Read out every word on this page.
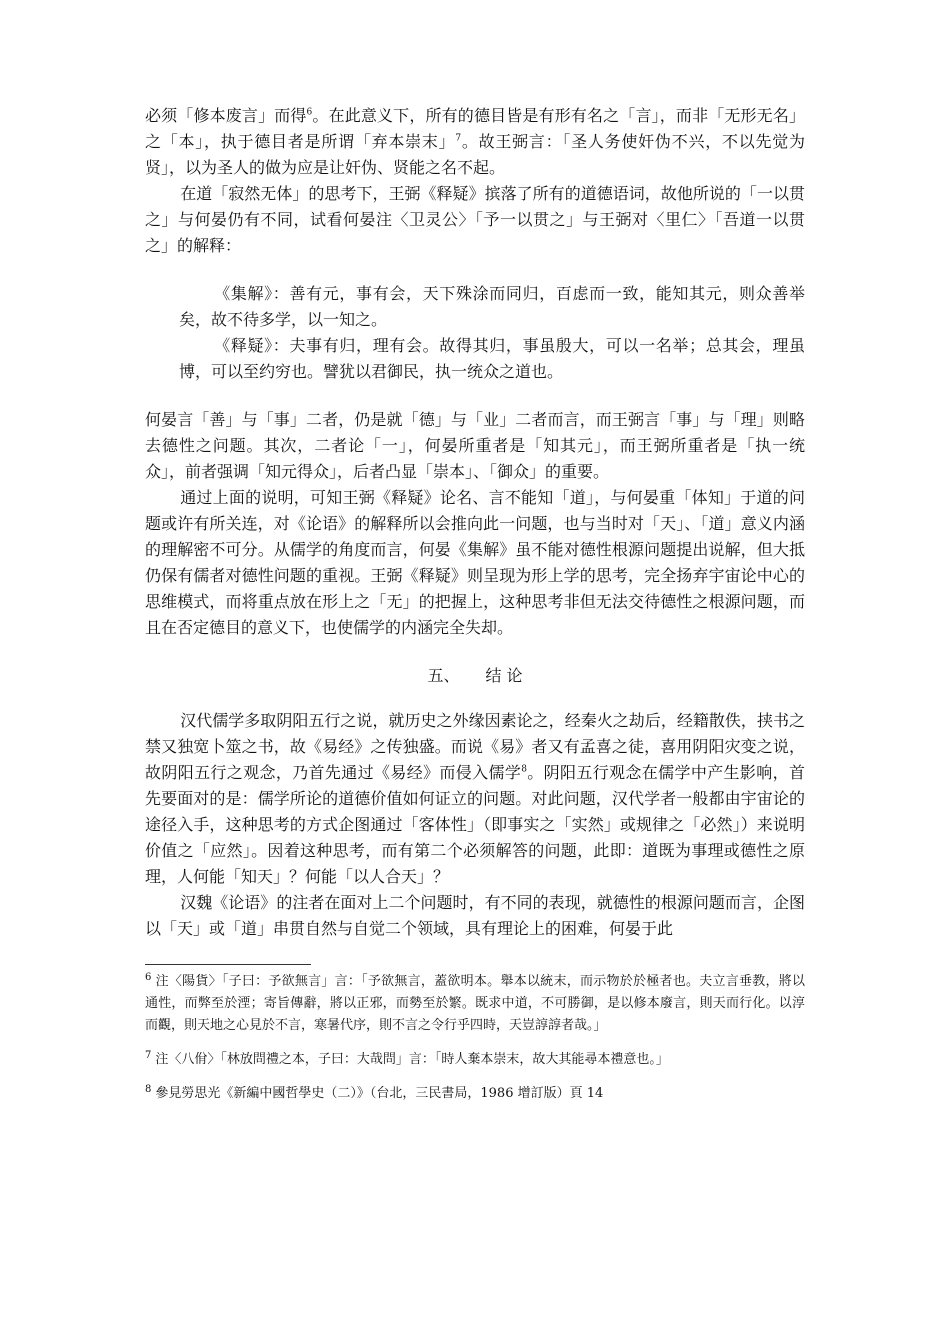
必须「修本废言」而得$^6$。在此意义下，所有的德目皆是有形有名之「言」，而非「无形无名」之「本」，执于德目者是所谓「弃本崇末」$^7$。故王弼言：「圣人务使奸伪不兴，不以先觉为贤」，以为圣人的做为应是让奸伪、贤能之名不起。

在道「寂然无体」的思考下，王弼《释疑》摈落了所有的道德语词，故他所说的「一以贯之」与何晏仍有不同，试看何晏注〈卫灵公〉「予一以贯之」与王弼对〈里仁〉「吾道一以贯之」的解释：

《集解》：善有元，事有会，天下殊涂而同归，百虑而一致，能知其元，则众善举矣，故不待多学，以一知之。

《释疑》：夫事有归，理有会。故得其归，事虽殷大，可以一名举；总其会，理虽博，可以至约穷也。譬犹以君御民，执一统众之道也。

何晏言「善」与「事」二者，仍是就「德」与「业」二者而言，而王弼言「事」与「理」则略去德性之问题。其次，二者论「一」，何晏所重者是「知其元」，而王弼所重者是「执一统众」，前者强调「知元得众」，后者凸显「崇本」、「御众」的重要。

通过上面的说明，可知王弼《释疑》论名、言不能知「道」，与何晏重「体知」于道的问题或许有所关连，对《论语》的解释所以会推向此一问题，也与当时对「天」、「道」意义内涵的理解密不可分。从儒学的角度而言，何晏《集解》虽不能对德性根源问题提出说解，但大抵仍保有儒者对德性问题的重视。王弼《释疑》则呈现为形上学的思考，完全扬弃宇宙论中心的思维模式，而将重点放在形上之「无」的把握上，这种思考非但无法交待德性之根源问题，而且在否定德目的意义下，也使儒学的内涵完全失却。

五、 结 论

汉代儒学多取阴阳五行之说，就历史之外缘因素论之，经秦火之劫后，经籍散佚，挟书之禁又独宽卜筮之书，故《易经》之传独盛。而说《易》者又有孟喜之徒，喜用阴阳灾变之说，故阴阳五行之观念，乃首先通过《易经》而侵入儒学$^8$。阴阳五行观念在儒学中产生影响，首先要面对的是：儒学所论的道德价值如何证立的问题。对此问题，汉代学者一般都由宇宙论的途径入手，这种思考的方式企图通过「客体性」（即事实之「实然」或规律之「必然」）来说明价值之「应然」。因着这种思考，而有第二个必须解答的问题，此即：道既为事理或德性之原理，人何能「知天」？何能「以人合天」？

汉魏《论语》的注者在面对上二个问题时，有不同的表现，就德性的根源问题而言，企图以「天」或「道」串贯自然与自觉二个领域，具有理论上的困难，何晏于此

$^6$ 注〈陽貨〉「子曰：予欲無言」言：「予欲無言，蓋欲明本。舉本以統末，而示物於於極者也。夫立言垂教，將以通性，而弊至於湮；寄旨傳辭，將以正邪，而勢至於繁。既求中道，不可勝御，是以修本廢言，則天而行化。以淳而觀，則天地之心見於不言，寒暑代序，則不言之令行乎四時，天豈諄諄者哉。」

$^7$ 注〈八佾〉「林放問禮之本，子曰：大哉問」言：「時人棄本崇末，故大其能尋本禮意也。」

$^8$ 參見勞思光《新編中國哲學史（二）》（台北，三民書局，1986 增訂版）頁 14
